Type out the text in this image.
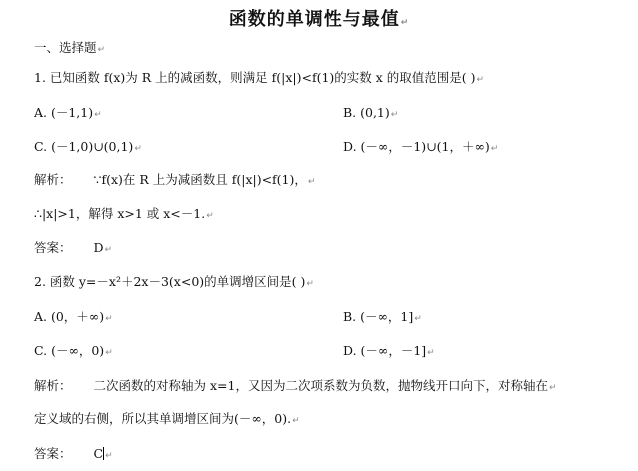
函数的单调性与最值↵
一、选择题↵
1. 已知函数 f(x)为 R 上的减函数，则满足 f(|x|)<f(1)的实数 x 的取值范围是( )↵
A. (－1,1)↵	B. (0,1)↵
C. (－1,0)∪(0,1)↵	D. (－∞，－1)∪(1，＋∞)↵
解析： ∵f(x)在 R 上为减函数且 f(|x|)<f(1)，↵
∴|x|>1，解得 x>1 或 x<－1.↵
答案： D↵
2. 函数 y=－x²＋2x－3(x<0)的单调增区间是( )↵
A. (0，＋∞)↵	B. (－∞，1]↵
C. (－∞，0)↵	D. (－∞，－1]↵
解析： 二次函数的对称轴为 x=1，又因为二次项系数为负数，抛物线开口向下，对称轴在↵
定义域的右侧，所以其单调增区间为(－∞，0).↵
答案： C ↵
